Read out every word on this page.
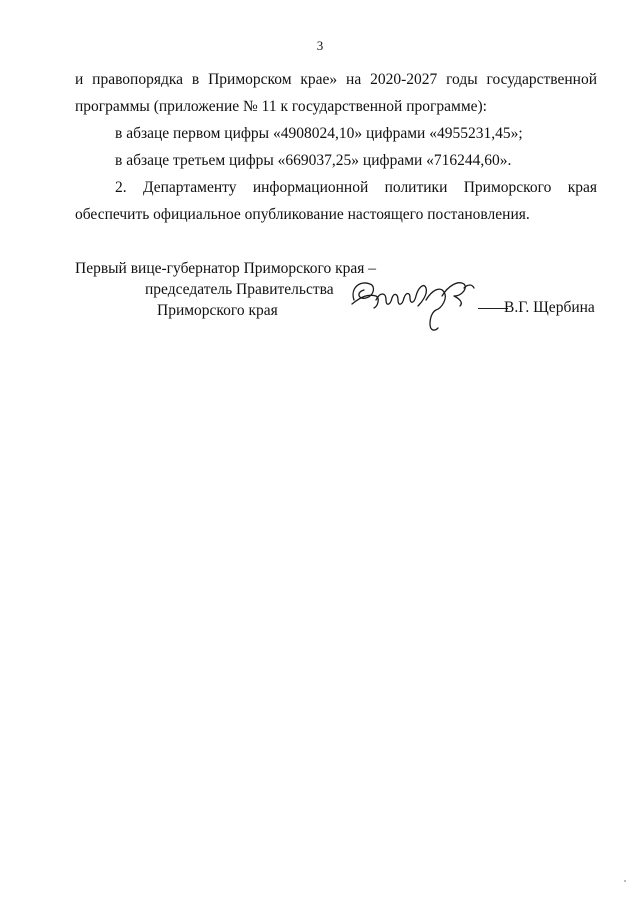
3
и правопорядка в Приморском крае» на 2020-2027 годы государственной
программы (приложение № 11 к государственной программе):
в абзаце первом цифры «4908024,10» цифрами «4955231,45»;
в абзаце третьем цифры «669037,25» цифрами «716244,60».
2. Департаменту информационной политики Приморского края
обеспечить официальное опубликование настоящего постановления.
Первый вице-губернатор Приморского края –
председатель Правительства
Приморского края	В.Г. Щербина
